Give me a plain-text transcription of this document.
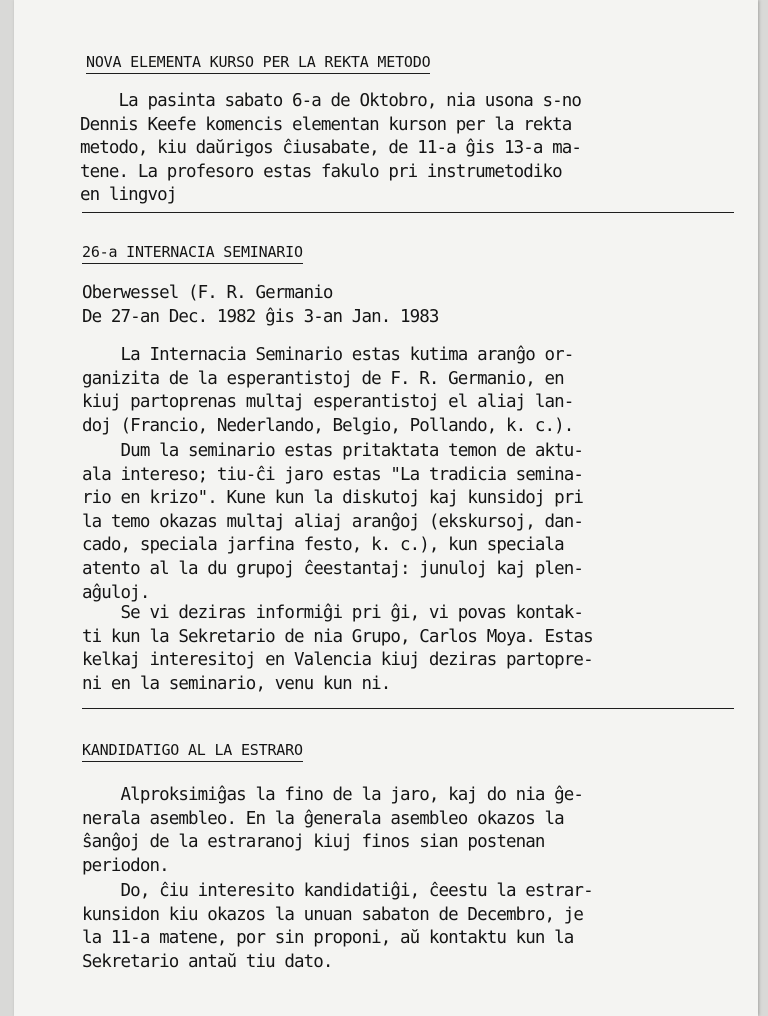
NOVA ELEMENTA KURSO PER LA REKTA METODO

La pasinta sabato 6-a de Oktobro, nia usona s-no
Dennis Keefe komencis elementan kurson per la rekta
metodo, kiu daŭrigos ĉiusabate, de 11-a ĝis 13-a ma-
tene. La profesoro estas fakulo pri instrumetodiko
en lingvoj

26-a INTERNACIA SEMINARIO

Oberwessel (F. R. Germanio
De 27-an Dec. 1982 ĝis 3-an Jan. 1983

La Internacia Seminario estas kutima aranĝo or-
ganizita de la esperantistoj de F. R. Germanio, en
kiuj partoprenas multaj esperantistoj el aliaj lan-
doj (Francio, Nederlando, Belgio, Pollando, k. c.).

Dum la seminario estas pritaktata temon de aktu-
ala intereso; tiu-ĉi jaro estas "La tradicia semina-
rio en krizo". Kune kun la diskutoj kaj kunsidoj pri
la temo okazas multaj aliaj aranĝoj (ekskursoj, dan-
cado, speciala jarfina festo, k. c.), kun speciala
atento al la du grupoj ĉeestantaj: junuloj kaj plen-
aĝuloj.

Se vi deziras informiĝi pri ĝi, vi povas kontak-
ti kun la Sekretario de nia Grupo, Carlos Moya. Estas
kelkaj interesitoj en Valencia kiuj deziras partopre-
ni en la seminario, venu kun ni.

KANDIDATIGO AL LA ESTRARO

Alproksimiĝas la fino de la jaro, kaj do nia ĝe-
nerala asembleo. En la ĝenerala asembleo okazos la
ŝanĝoj de la estraranoj kiuj finos sian postenan
periodon.

Do, ĉiu interesito kandidatiĝi, ĉeestu la estrar-
kunsidon kiu okazos la unuan sabaton de Decembro, je
la 11-a matene, por sin proponi, aŭ kontaktu kun la
Sekretario antaŭ tiu dato.
